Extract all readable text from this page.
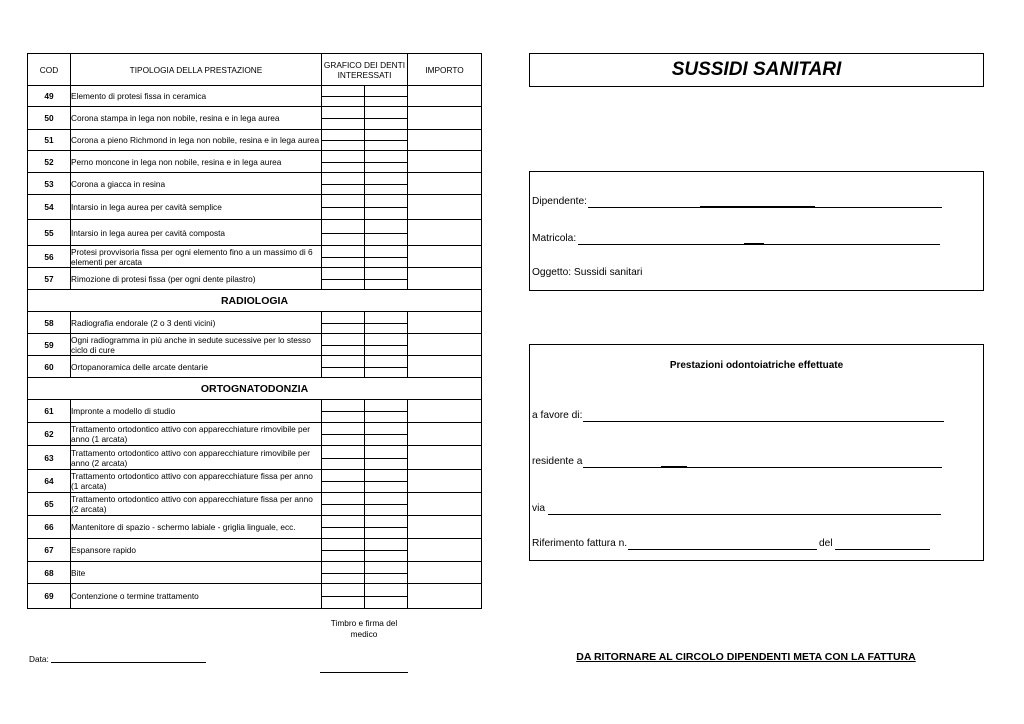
COD	TIPOLOGIA DELLA PRESTAZIONE	GRAFICO DEI DENTI INTERESSATI		IMPORTO
49	Elemento di protesi fissa in ceramica	

50	Corona stampa in lega non nobile, resina e in lega aurea	

51	Corona a pieno Richmond in lega non nobile, resina e in lega aurea	

52	Perno moncone in lega non nobile, resina e in lega aurea	

53	Corona a giacca in resina	

54	Intarsio in lega aurea per cavità semplice	

55	Intarsio in lega aurea per cavità composta	

56	Protesi provvisoria fissa per ogni elemento fino a un massimo di 6 elementi per arcata	

57	Rimozione di protesi fissa (per ogni dente pilastro)	

RADIOLOGIA				
58	Radiografia endorale (2 o 3 denti vicini)	

59	Ogni radiogramma in più anche in sedute sucessive per lo stesso ciclo di cure	

60	Ortopanoramica delle arcate dentarie	

ORTOGNATODONZIA				
61	Impronte a modello di studio	

62	Trattamento ortodontico attivo con apparecchiature rimovibile per anno (1 arcata)	

63	Trattamento ortodontico attivo con apparecchiature rimovibile per anno (2 arcata)	

64	Trattamento ortodontico attivo con apparecchiature fissa per anno (1 arcata)	

65	Trattamento ortodontico attivo con apparecchiature fissa per anno (2 arcata)	

66	Mantenitore di spazio - schermo labiale - griglia linguale, ecc.	

67	Espansore rapido	

68	Bite	

69	Contenzione o termine trattamento	

Timbro e firma del medico
Data:
SUSSIDI SANITARI
Dipendente:
Matricola:
Oggetto: Sussidi sanitari
Prestazioni odontoiatriche effettuate
a favore di:
residente a
via
Riferimento fattura n.	del
DA RITORNARE AL CIRCOLO DIPENDENTI META CON LA FATTURA
